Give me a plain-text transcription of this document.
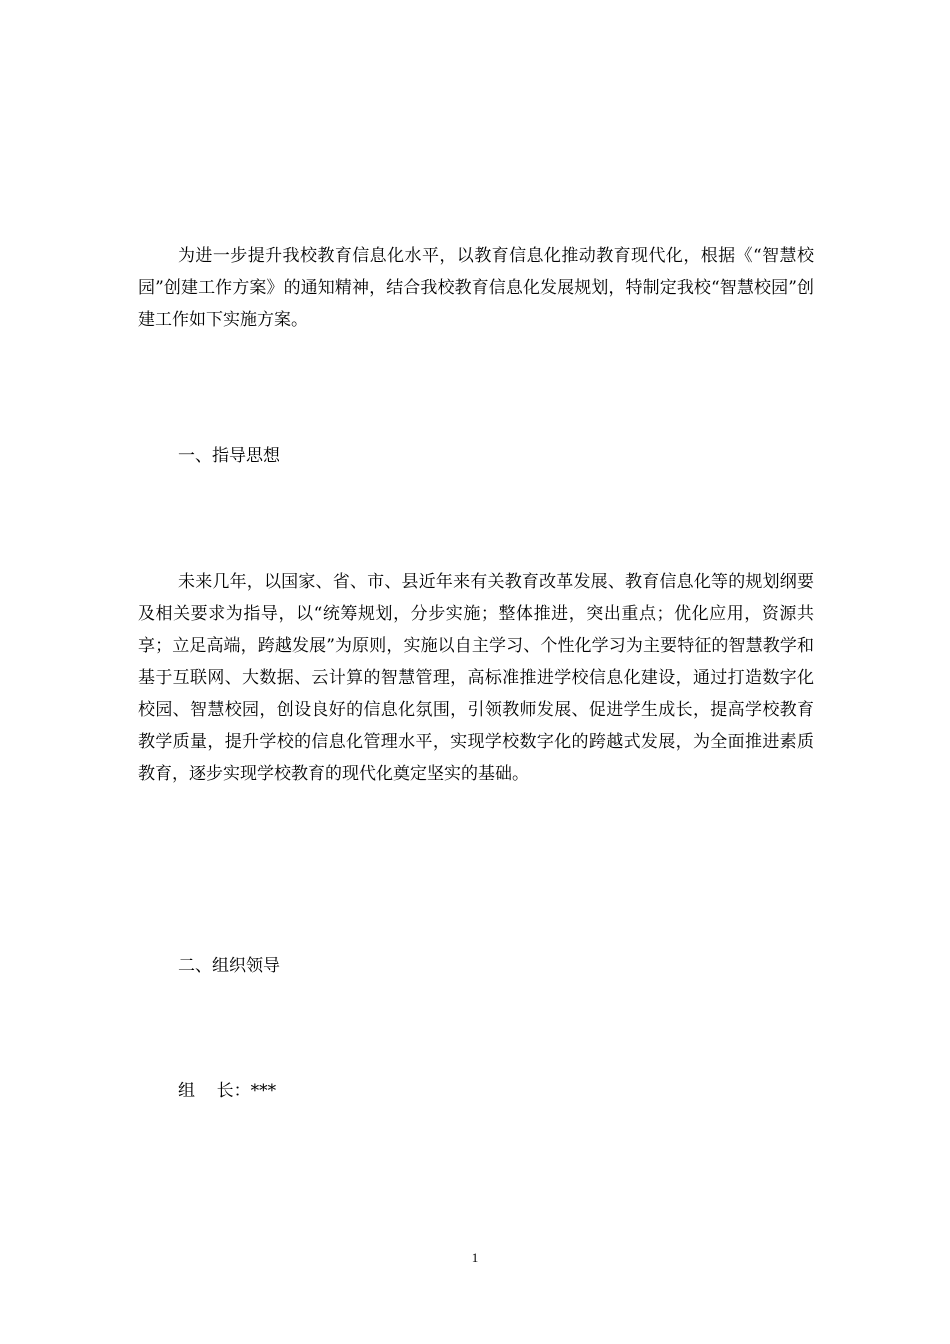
为进一步提升我校教育信息化水平，以教育信息化推动教育现代化，根据《“智慧校园”创建工作方案》的通知精神，结合我校教育信息化发展规划，特制定我校“智慧校园”创建工作如下实施方案。

一、指导思想

未来几年，以国家、省、市、县近年来有关教育改革发展、教育信息化等的规划纲要及相关要求为指导，以“统筹规划，分步实施；整体推进，突出重点；优化应用，资源共享；立足高端，跨越发展”为原则，实施以自主学习、个性化学习为主要特征的智慧教学和基于互联网、大数据、云计算的智慧管理，高标准推进学校信息化建设，通过打造数字化校园、智慧校园，创设良好的信息化氛围，引领教师发展、促进学生成长，提高学校教育教学质量，提升学校的信息化管理水平，实现学校数字化的跨越式发展，为全面推进素质教育，逐步实现学校教育的现代化奠定坚实的基础。

二、组织领导

组    长：***

1
